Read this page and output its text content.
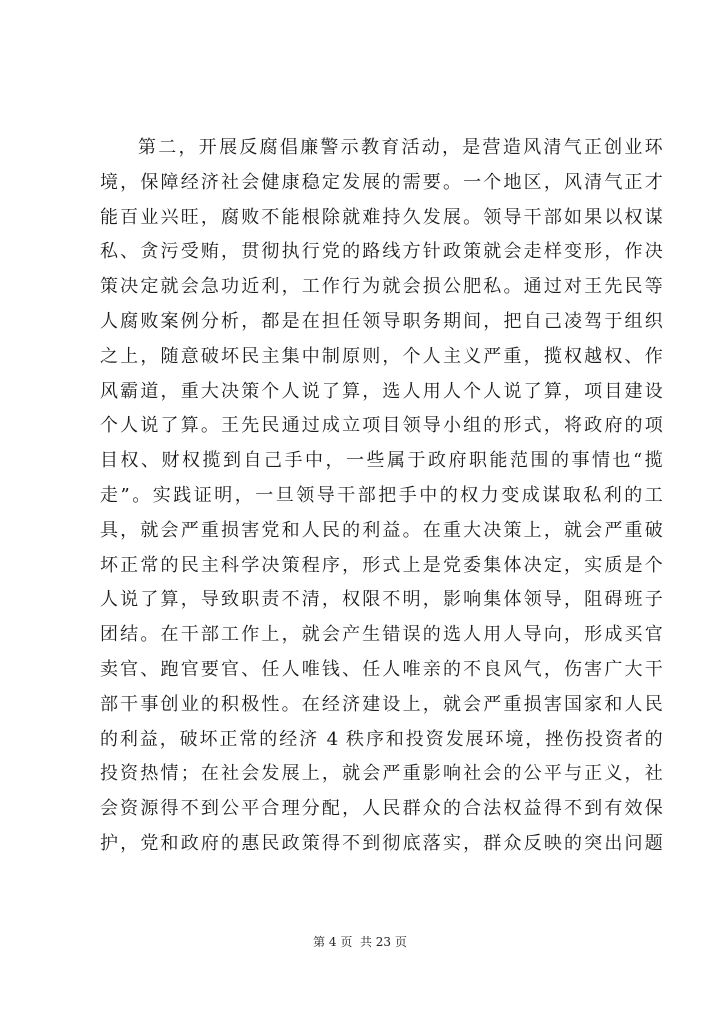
第二，开展反腐倡廉警示教育活动，是营造风清气正创业环
境，保障经济社会健康稳定发展的需要。一个地区，风清气正才
能百业兴旺，腐败不能根除就难持久发展。领导干部如果以权谋
私、贪污受贿，贯彻执行党的路线方针政策就会走样变形，作决
策决定就会急功近利，工作行为就会损公肥私。通过对王先民等
人腐败案例分析，都是在担任领导职务期间，把自己凌驾于组织
之上，随意破坏民主集中制原则，个人主义严重，揽权越权、作
风霸道，重大决策个人说了算，选人用人个人说了算，项目建设
个人说了算。王先民通过成立项目领导小组的形式，将政府的项
目权、财权揽到自己手中，一些属于政府职能范围的事情也“揽
走”。实践证明，一旦领导干部把手中的权力变成谋取私利的工
具，就会严重损害党和人民的利益。在重大决策上，就会严重破
坏正常的民主科学决策程序，形式上是党委集体决定，实质是个
人说了算，导致职责不清，权限不明，影响集体领导，阻碍班子
团结。在干部工作上，就会产生错误的选人用人导向，形成买官
卖官、跑官要官、任人唯钱、任人唯亲的不良风气，伤害广大干
部干事创业的积极性。在经济建设上，就会严重损害国家和人民
的利益，破坏正常的经济 4 秩序和投资发展环境，挫伤投资者的
投资热情；在社会发展上，就会严重影响社会的公平与正义，社
会资源得不到公平合理分配，人民群众的合法权益得不到有效保
护，党和政府的惠民政策得不到彻底落实，群众反映的突出问题
第 4 页  共 23 页
